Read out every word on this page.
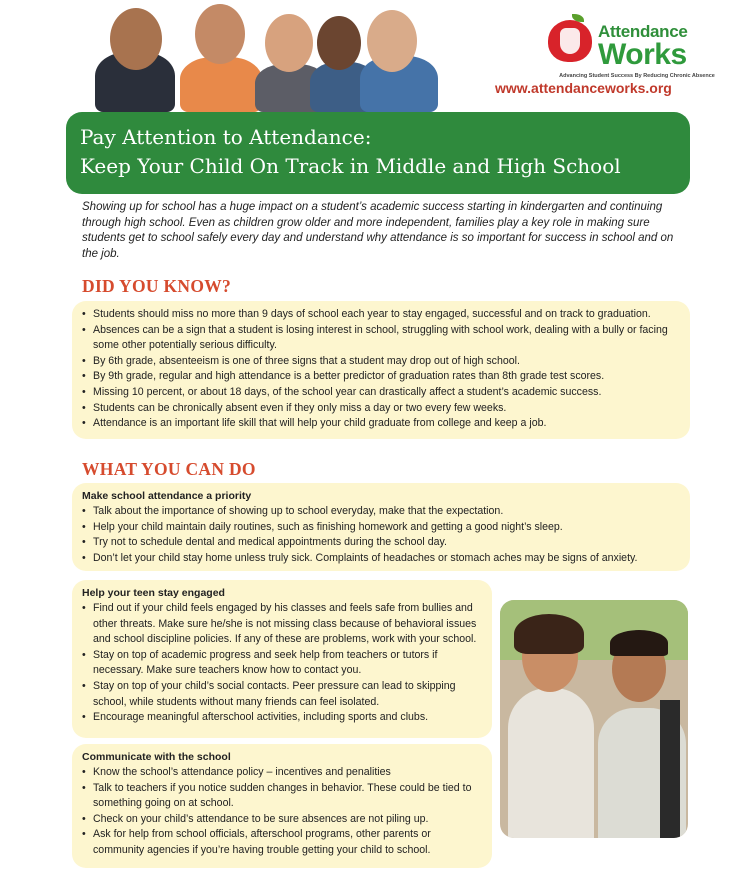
Attendance
Works
Advancing Student Success By Reducing Chronic Absence
www.attendanceworks.org
Pay Attention to Attendance:
Keep Your Child On Track in Middle and High School
Showing up for school has a huge impact on a student’s academic success starting in kindergarten and continuing through high school. Even as children grow older and more independent, families play a key role in making sure students get to school safely every day and understand why attendance is so important for success in school and on the job.
DID YOU KNOW?
• Students should miss no more than 9 days of school each year to stay engaged, successful and on track to graduation.
• Absences can be a sign that a student is losing interest in school, struggling with school work, dealing with a bully or facing some other potentially serious difficulty.
• By 6th grade, absenteeism is one of three signs that a student may drop out of high school.
• By 9th grade, regular and high attendance is a better predictor of graduation rates than 8th grade test scores.
• Missing 10 percent, or about 18 days, of the school year can drastically affect a student’s academic success.
• Students can be chronically absent even if they only miss a day or two every few weeks.
• Attendance is an important life skill that will help your child graduate from college and keep a job.
WHAT YOU CAN DO
Make school attendance a priority
• Talk about the importance of showing up to school everyday, make that the expectation.
• Help your child maintain daily routines, such as finishing homework and getting a good night’s sleep.
• Try not to schedule dental and medical appointments during the school day.
• Don’t let your child stay home unless truly sick. Complaints of headaches or stomach aches may be signs of anxiety.
Help your teen stay engaged
• Find out if your child feels engaged by his classes and feels safe from bullies and other threats. Make sure he/she is not missing class because of behavioral issues and school discipline policies. If any of these are problems, work with your school.
• Stay on top of academic progress and seek help from teachers or tutors if necessary. Make sure teachers know how to contact you.
• Stay on top of your child’s social contacts. Peer pressure can lead to skipping school, while students without many friends can feel isolated.
• Encourage meaningful afterschool activities, including sports and clubs.
Communicate with the school
• Know the school’s attendance policy – incentives and penalities
• Talk to teachers if you notice sudden changes in behavior. These could be tied to something going on at school.
• Check on your child’s attendance to be sure absences are not piling up.
• Ask for help from school officials, afterschool programs, other parents or community agencies if you’re having trouble getting your child to school.
